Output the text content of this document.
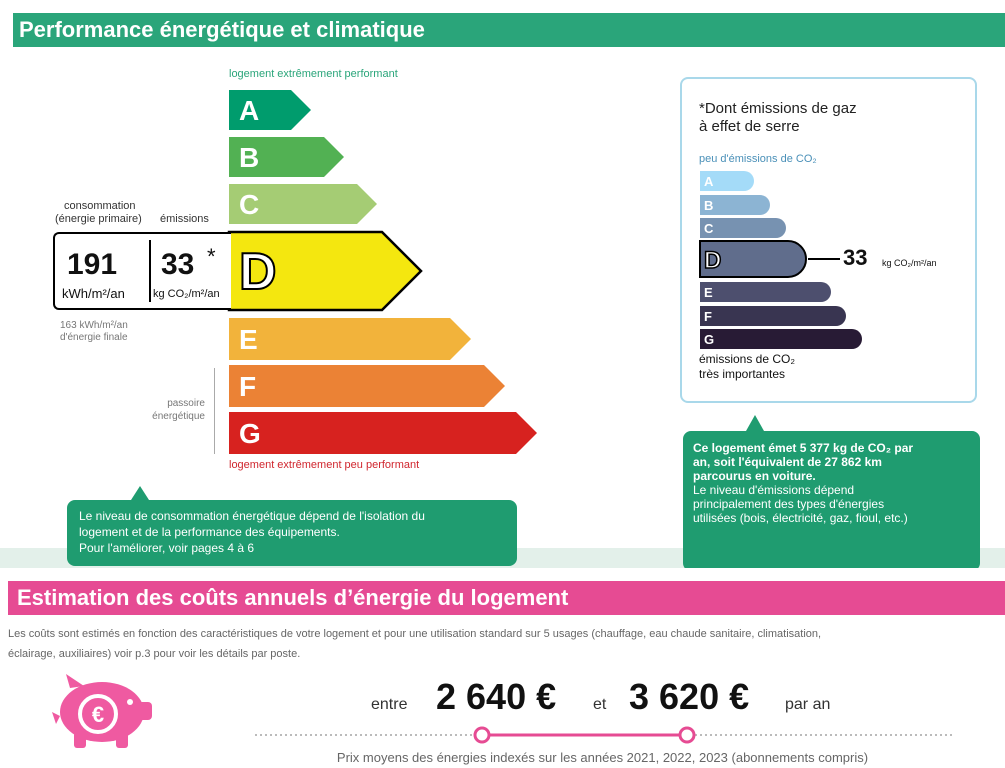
Performance énergétique et climatique
logement extrêmement performant
A
B
C
D
E
F
G
consommation
(énergie primaire) émissions
191
kWh/m²/an
33 *
kg CO₂/m²/an
163 kWh/m²/an
d'énergie finale
passoire
énergétique
logement extrêmement peu performant
Le niveau de consommation énergétique dépend de l'isolation du
logement et de la performance des équipements.
Pour l'améliorer, voir pages 4 à 6
*Dont émissions de gaz
à effet de serre
peu d'émissions de CO₂
A
B
C
D
E
F
G
33 kg CO₂/m²/an
émissions de CO₂
très importantes
Ce logement émet 5 377 kg de CO₂ par
an, soit l'équivalent de 27 862 km
parcourus en voiture.
Le niveau d'émissions dépend
principalement des types d'énergies
utilisées (bois, électricité, gaz, fioul, etc.)
Estimation des coûts annuels d’énergie du logement
Les coûts sont estimés en fonction des caractéristiques de votre logement et pour une utilisation standard sur 5 usages (chauffage, eau chaude sanitaire, climatisation,
éclairage, auxiliaires) voir p.3 pour voir les détails par poste.
€	entre 2 640 € et 3 620 € par an
Prix moyens des énergies indexés sur les années 2021, 2022, 2023 (abonnements compris)
